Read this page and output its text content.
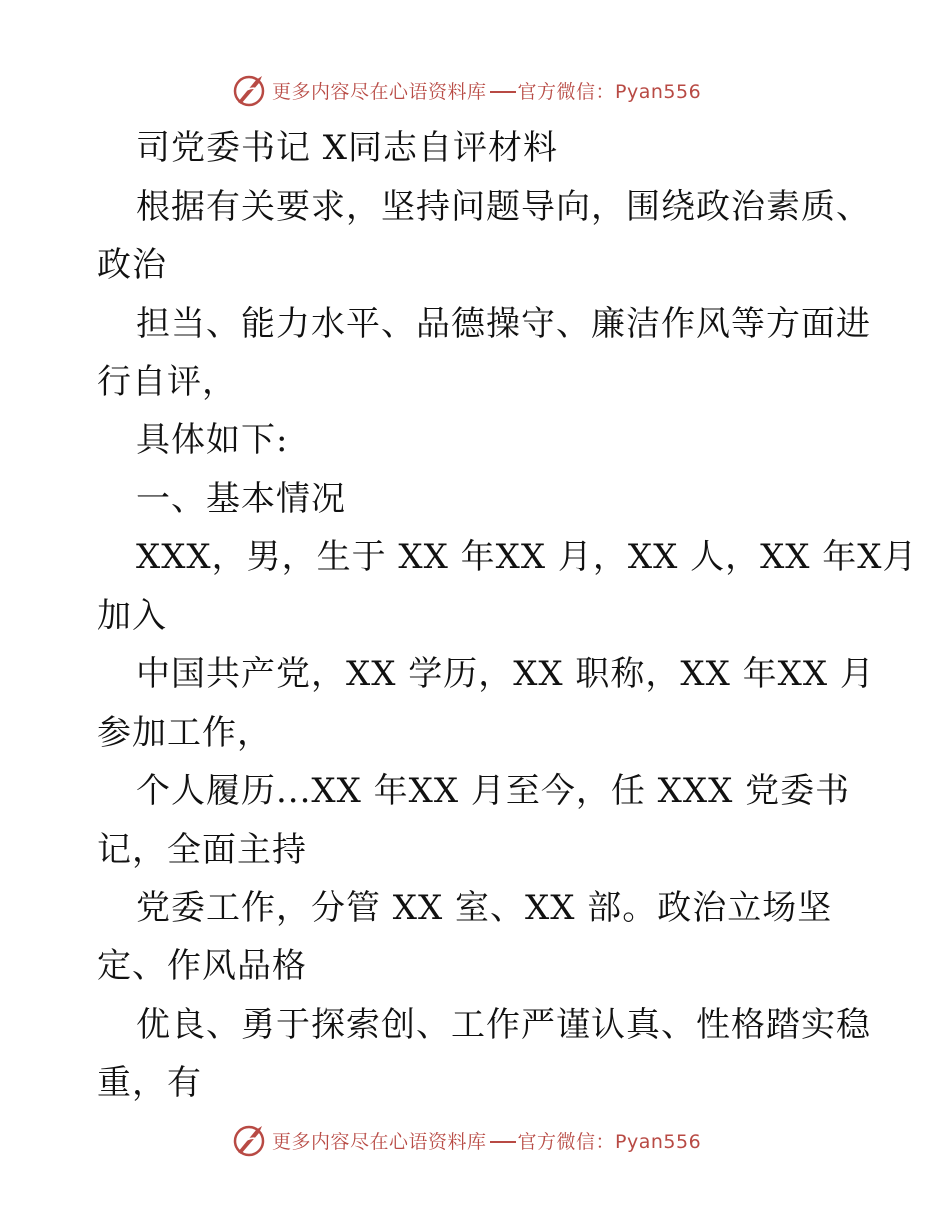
更多内容尽在心语资料库 官方微信：Pyan556
司党委书记 X同志自评材料
根据有关要求，坚持问题导向，围绕政治素质、
政治
担当、能力水平、品德操守、廉洁作风等方面进
行自评，
具体如下:
一、基本情况
XXX，男，生于 XX 年XX 月，XX 人，XX 年X月
加入
中国共产党，XX 学历，XX 职称，XX 年XX 月
参加工作，
个人履历...XX 年XX 月至今，任 XXX 党委书
记，全面主持
党委工作，分管 XX 室、XX 部。政治立场坚
定、作风品格
优良、勇于探索创、工作严谨认真、性格踏实稳
重，有
更多内容尽在心语资料库 官方微信：Pyan556
